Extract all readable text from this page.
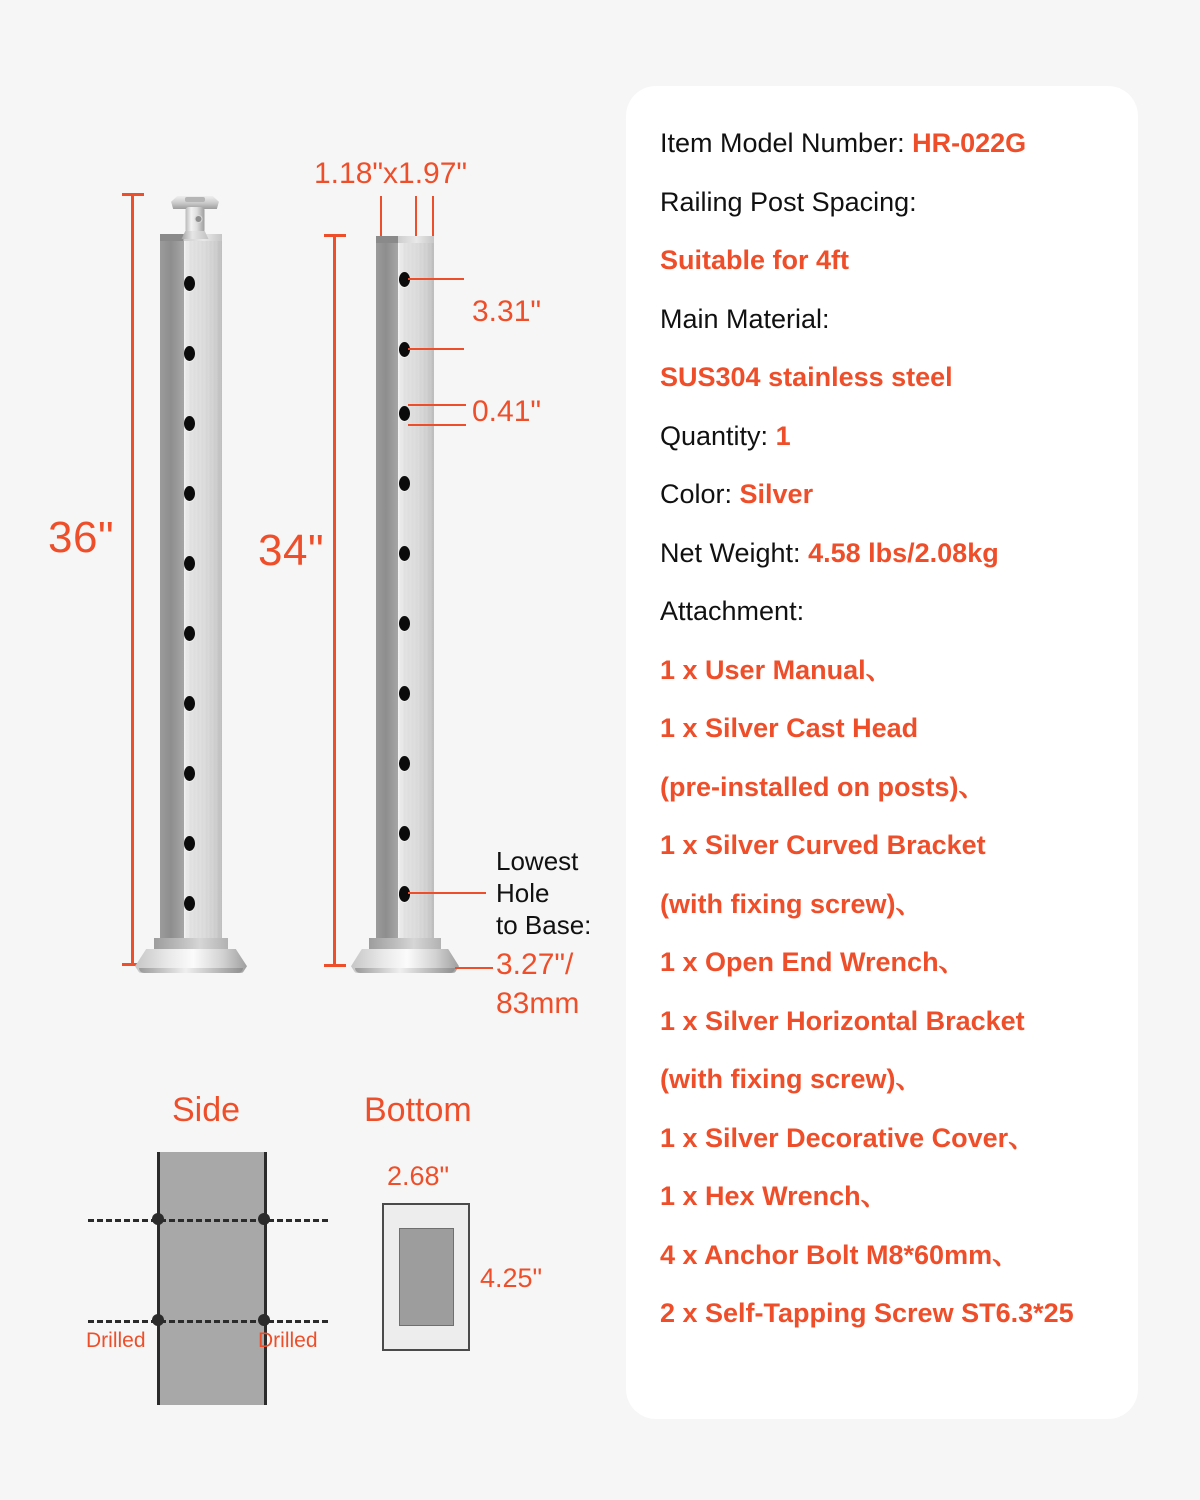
36"
1.18"x1.97"
34"
3.31"
0.41"
Lowest
Hole
to Base:
3.27"/
83mm
Side
Drilled	Drilled
Bottom
2.68"
4.25"
Item Model Number: HR-022G
Railing Post Spacing:
Suitable for 4ft
Main Material:
SUS304 stainless steel
Quantity: 1
Color: Silver
Net Weight: 4.58 lbs/2.08kg
Attachment:
1 x User Manual、
1 x Silver Cast Head
(pre-installed on posts)、
1 x Silver Curved Bracket
(with fixing screw)、
1 x Open End Wrench、
1 x Silver Horizontal Bracket
(with fixing screw)、
1 x Silver Decorative Cover、
1 x Hex Wrench、
4 x Anchor Bolt M8*60mm、
2 x Self-Tapping Screw ST6.3*25
